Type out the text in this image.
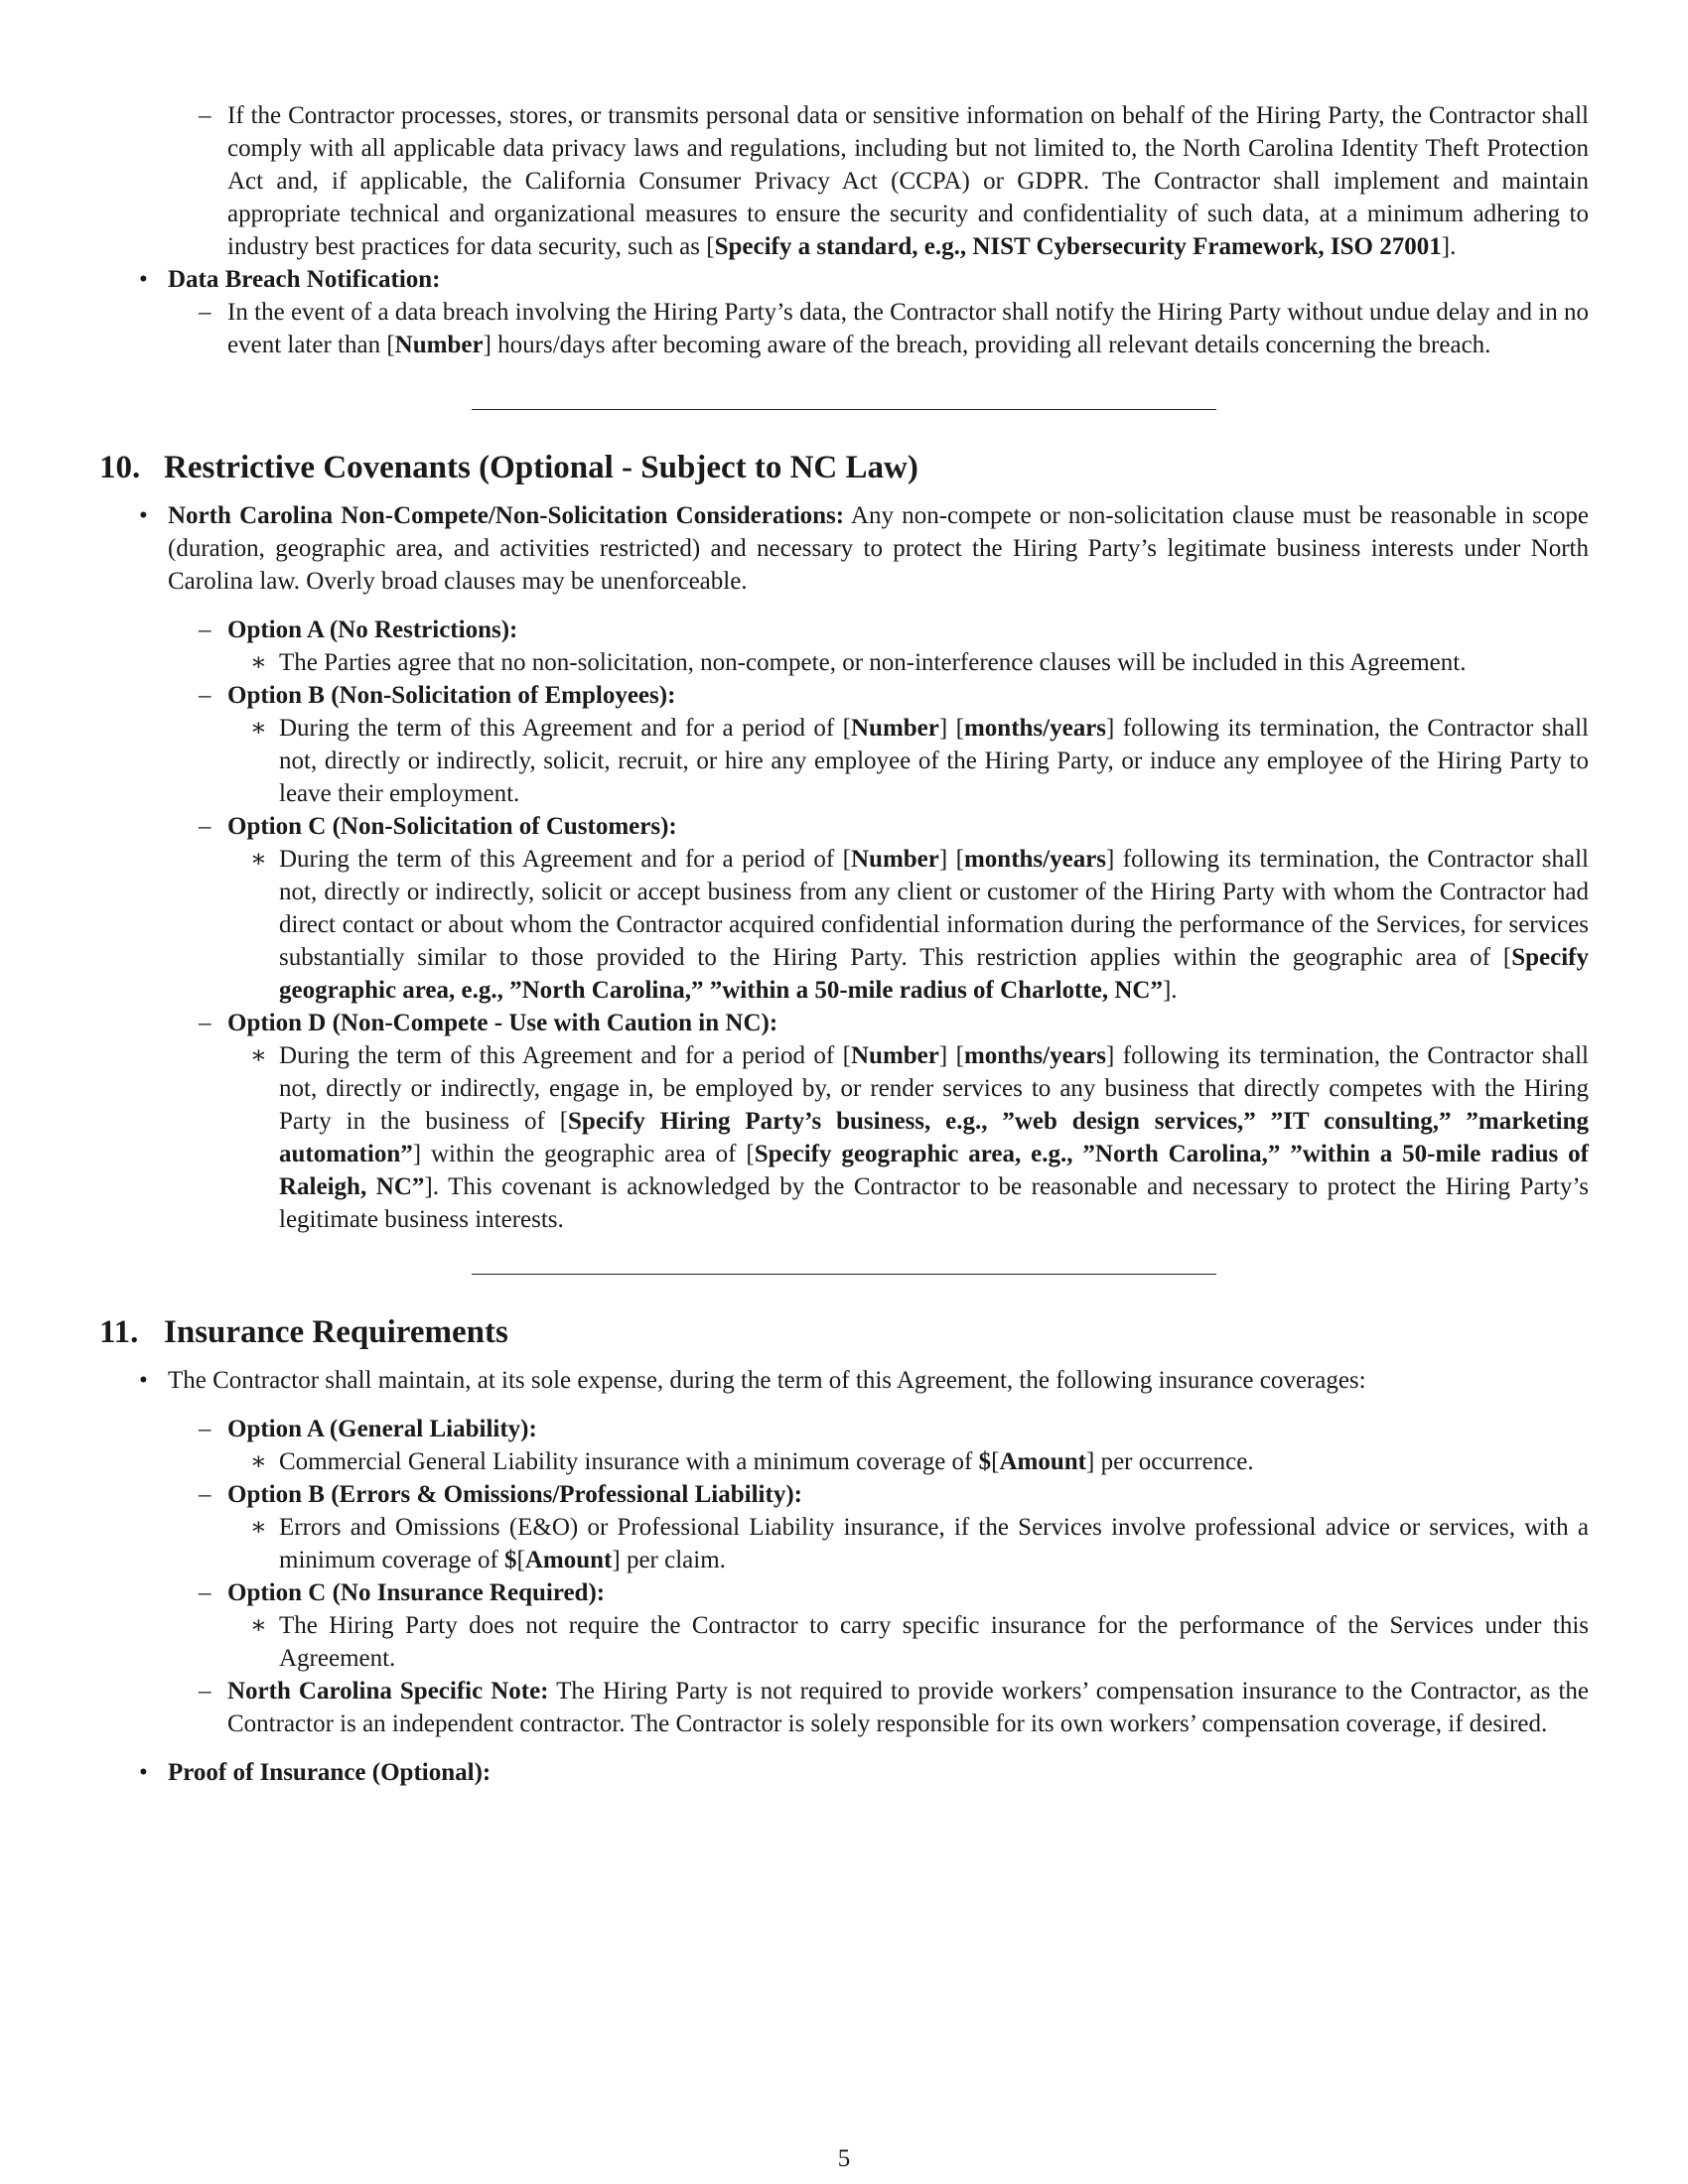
– If the Contractor processes, stores, or transmits personal data or sensitive information on behalf of the Hiring Party, the Contractor shall comply with all applicable data privacy laws and regulations, including but not limited to, the North Carolina Identity Theft Protection Act and, if applicable, the California Consumer Privacy Act (CCPA) or GDPR. The Contractor shall implement and maintain appropriate technical and organizational measures to ensure the security and confidentiality of such data, at a minimum adhering to industry best practices for data security, such as [Specify a standard, e.g., NIST Cybersecurity Framework, ISO 27001].
• Data Breach Notification:
– In the event of a data breach involving the Hiring Party’s data, the Contractor shall notify the Hiring Party without undue delay and in no event later than [Number] hours/days after becoming aware of the breach, providing all relevant details concerning the breach.
10. Restrictive Covenants (Optional - Subject to NC Law)
• North Carolina Non-Compete/Non-Solicitation Considerations: Any non-compete or non-solicitation clause must be reasonable in scope (duration, geographic area, and activities restricted) and necessary to protect the Hiring Party’s legitimate business interests under North Carolina law. Overly broad clauses may be unenforceable.
– Option A (No Restrictions):
∗ The Parties agree that no non-solicitation, non-compete, or non-interference clauses will be included in this Agreement.
– Option B (Non-Solicitation of Employees):
∗ During the term of this Agreement and for a period of [Number] [months/years] following its termination, the Contractor shall not, directly or indirectly, solicit, recruit, or hire any employee of the Hiring Party, or induce any employee of the Hiring Party to leave their employment.
– Option C (Non-Solicitation of Customers):
∗ During the term of this Agreement and for a period of [Number] [months/years] following its termination, the Contractor shall not, directly or indirectly, solicit or accept business from any client or customer of the Hiring Party with whom the Contractor had direct contact or about whom the Contractor acquired confidential information during the performance of the Services, for services substantially similar to those provided to the Hiring Party. This restriction applies within the geographic area of [Specify geographic area, e.g., ”North Carolina,” ”within a 50-mile radius of Charlotte, NC”].
– Option D (Non-Compete - Use with Caution in NC):
∗ During the term of this Agreement and for a period of [Number] [months/years] following its termination, the Contractor shall not, directly or indirectly, engage in, be employed by, or render services to any business that directly competes with the Hiring Party in the business of [Specify Hiring Party’s business, e.g., ”web design services,” ”IT consulting,” ”marketing automation”] within the geographic area of [Specify geographic area, e.g., ”North Carolina,” ”within a 50-mile radius of Raleigh, NC”]. This covenant is acknowledged by the Contractor to be reasonable and necessary to protect the Hiring Party’s legitimate business interests.
11. Insurance Requirements
• The Contractor shall maintain, at its sole expense, during the term of this Agreement, the following insurance coverages:
– Option A (General Liability):
∗ Commercial General Liability insurance with a minimum coverage of $[Amount] per occurrence.
– Option B (Errors & Omissions/Professional Liability):
∗ Errors and Omissions (E&O) or Professional Liability insurance, if the Services involve professional advice or services, with a minimum coverage of $[Amount] per claim.
– Option C (No Insurance Required):
∗ The Hiring Party does not require the Contractor to carry specific insurance for the performance of the Services under this Agreement.
– North Carolina Specific Note: The Hiring Party is not required to provide workers’ compensation insurance to the Contractor, as the Contractor is an independent contractor. The Contractor is solely responsible for its own workers’ compensation coverage, if desired.
• Proof of Insurance (Optional):
5
